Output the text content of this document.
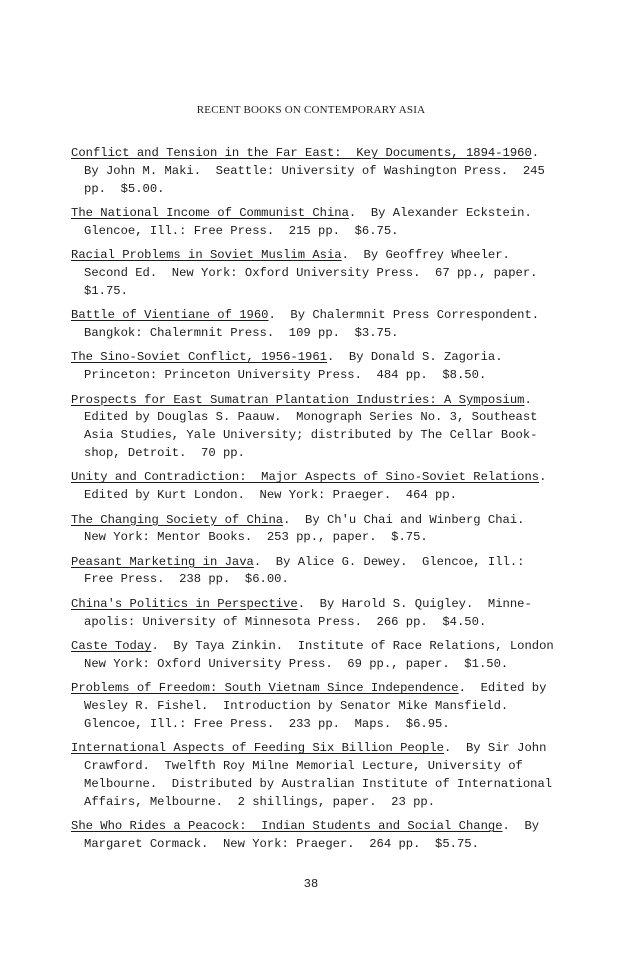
RECENT BOOKS ON CONTEMPORARY ASIA
Conflict and Tension in the Far East:  Key Documents, 1894-1960.
By John M. Maki.  Seattle: University of Washington Press.  245
pp.  $5.00.
The National Income of Communist China.  By Alexander Eckstein.
Glencoe, Ill.: Free Press.  215 pp.  $6.75.
Racial Problems in Soviet Muslim Asia.  By Geoffrey Wheeler.
Second Ed.  New York: Oxford University Press.  67 pp., paper.
$1.75.
Battle of Vientiane of 1960.  By Chalermnit Press Correspondent.
Bangkok: Chalermnit Press.  109 pp.  $3.75.
The Sino-Soviet Conflict, 1956-1961.  By Donald S. Zagoria.
Princeton: Princeton University Press.  484 pp.  $8.50.
Prospects for East Sumatran Plantation Industries: A Symposium.
Edited by Douglas S. Paauw.  Monograph Series No. 3, Southeast
Asia Studies, Yale University; distributed by The Cellar Book-
shop, Detroit.  70 pp.
Unity and Contradiction:  Major Aspects of Sino-Soviet Relations.
Edited by Kurt London.  New York: Praeger.  464 pp.
The Changing Society of China.  By Ch'u Chai and Winberg Chai.
New York: Mentor Books.  253 pp., paper.  $.75.
Peasant Marketing in Java.  By Alice G. Dewey.  Glencoe, Ill.:
Free Press.  238 pp.  $6.00.
China's Politics in Perspective.  By Harold S. Quigley.  Minne-
apolis: University of Minnesota Press.  266 pp.  $4.50.
Caste Today.  By Taya Zinkin.  Institute of Race Relations, London
New York: Oxford University Press.  69 pp., paper.  $1.50.
Problems of Freedom: South Vietnam Since Independence.  Edited by
Wesley R. Fishel.  Introduction by Senator Mike Mansfield.
Glencoe, Ill.: Free Press.  233 pp.  Maps.  $6.95.
International Aspects of Feeding Six Billion People.  By Sir John
Crawford.  Twelfth Roy Milne Memorial Lecture, University of
Melbourne.  Distributed by Australian Institute of International
Affairs, Melbourne.  2 shillings, paper.  23 pp.
She Who Rides a Peacock:  Indian Students and Social Change.  By
Margaret Cormack.  New York: Praeger.  264 pp.  $5.75.
38
